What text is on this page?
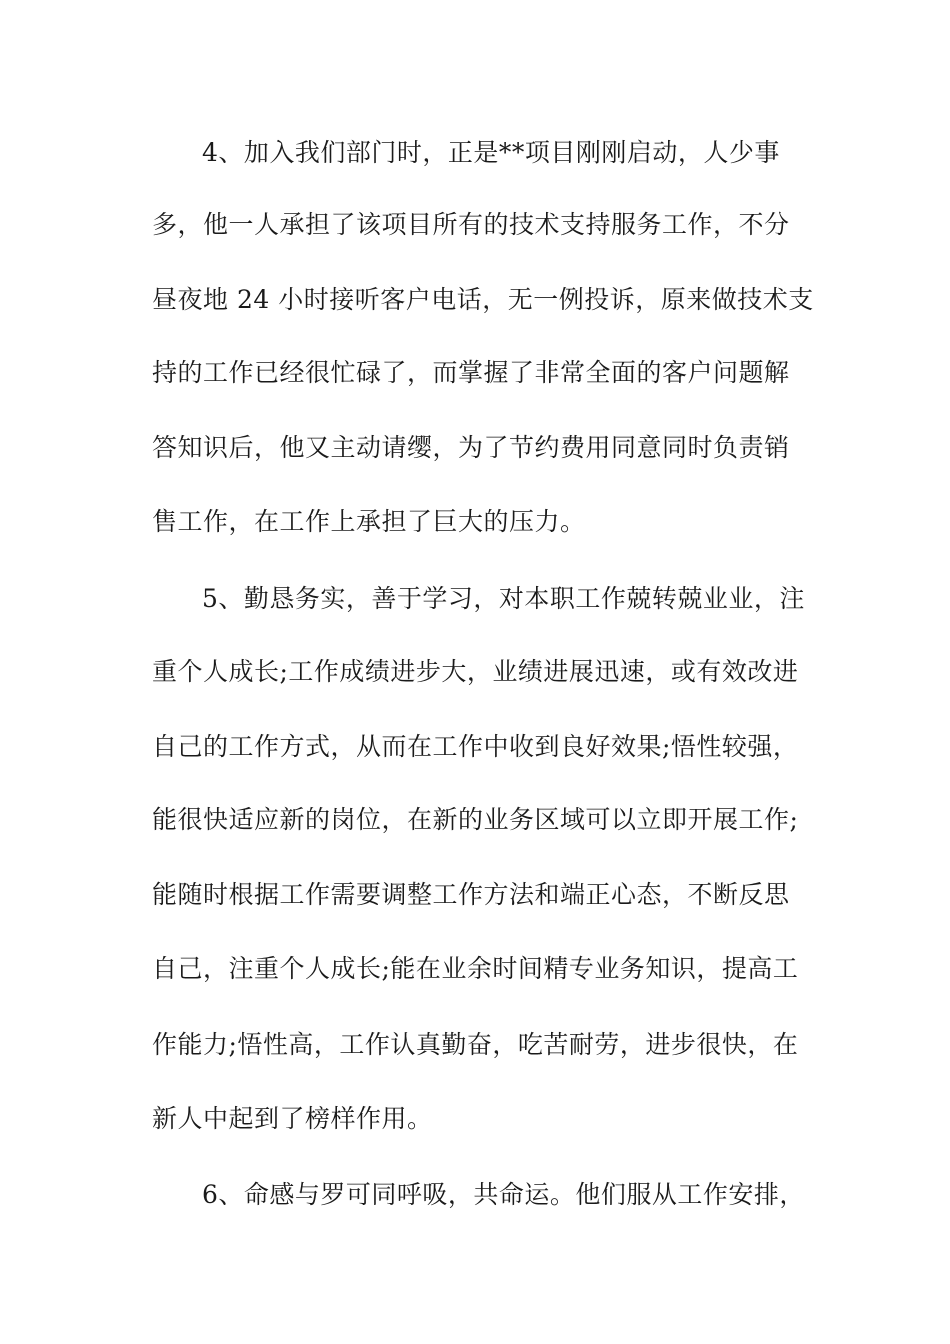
4、加入我们部门时，正是**项目刚刚启动，人少事

多，他一人承担了该项目所有的技术支持服务工作，不分

昼夜地 24 小时接听客户电话，无一例投诉，原来做技术支

持的工作已经很忙碌了，而掌握了非常全面的客户问题解

答知识后，他又主动请缨，为了节约费用同意同时负责销

售工作，在工作上承担了巨大的压力。

5、勤恳务实，善于学习，对本职工作兢转兢业业，注

重个人成长;工作成绩进步大，业绩进展迅速，或有效改进

自己的工作方式，从而在工作中收到良好效果;悟性较强，

能很快适应新的岗位，在新的业务区域可以立即开展工作;

能随时根据工作需要调整工作方法和端正心态，不断反思

自己，注重个人成长;能在业余时间精专业务知识，提高工

作能力;悟性高，工作认真勤奋，吃苦耐劳，进步很快，在

新人中起到了榜样作用。

6、命感与罗可同呼吸，共命运。他们服从工作安排，
